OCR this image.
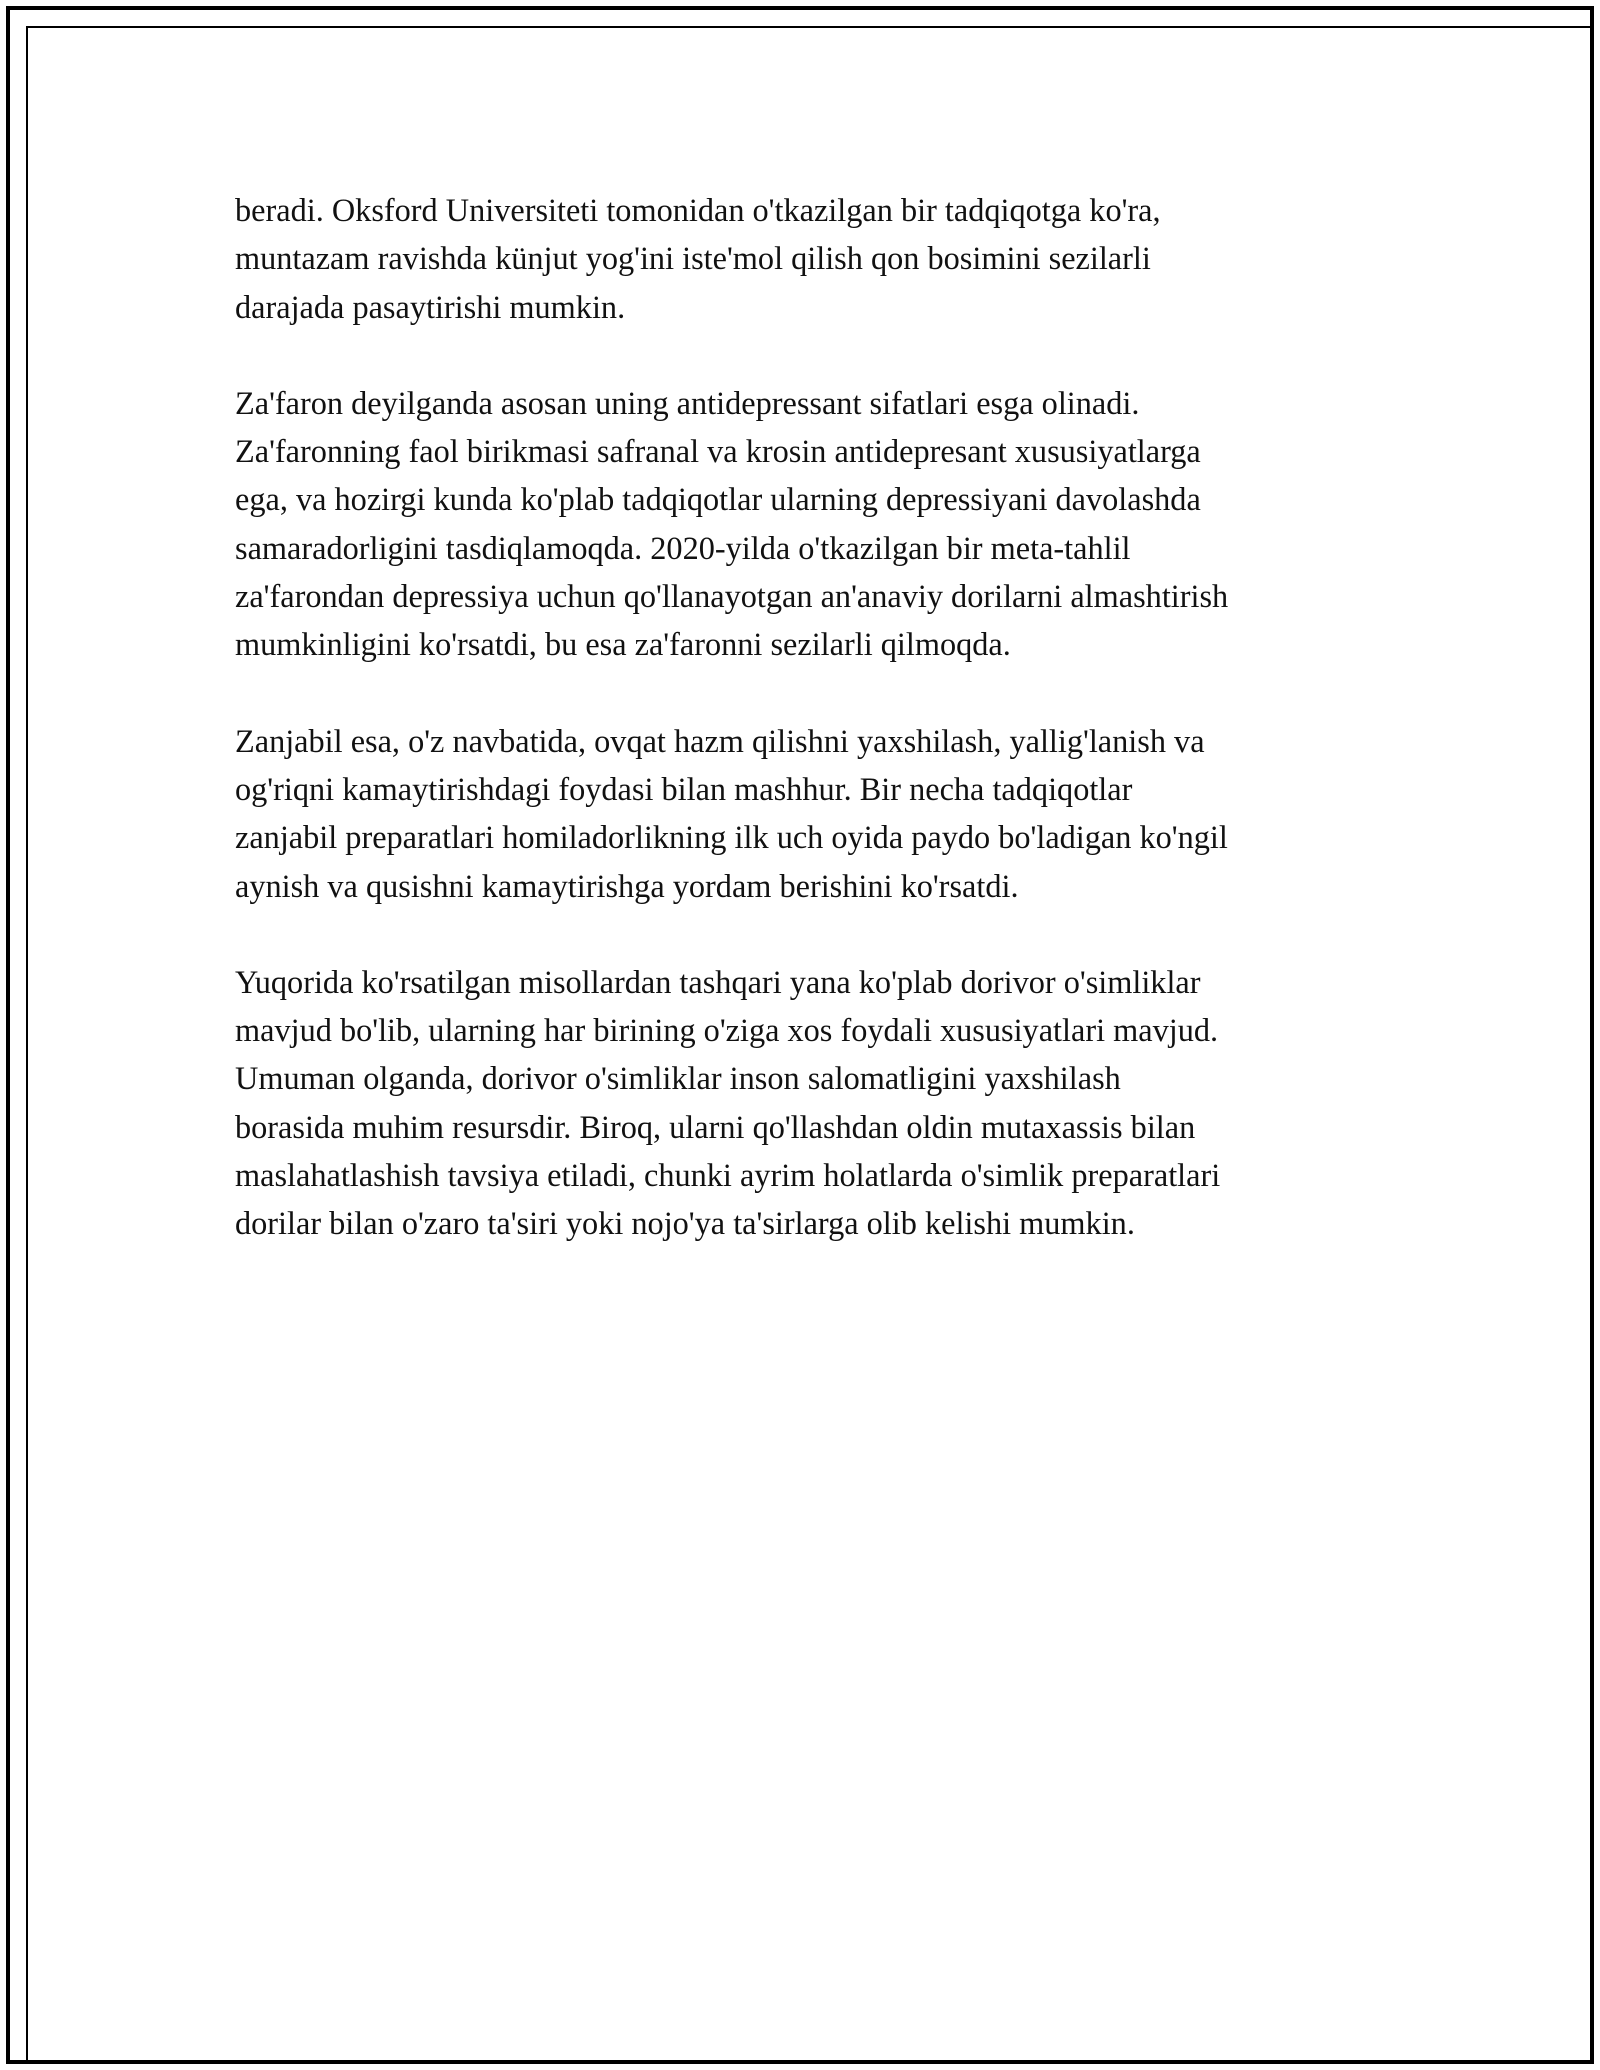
beradi. Oksford Universiteti tomonidan o'tkazilgan bir tadqiqotga ko'ra,
muntazam ravishda künjut yog'ini iste'mol qilish qon bosimini sezilarli
darajada pasaytirishi mumkin.

Za'faron deyilganda asosan uning antidepressant sifatlari esga olinadi.
Za'faronning faol birikmasi safranal va krosin antidepresant xususiyatlarga
ega, va hozirgi kunda ko'plab tadqiqotlar ularning depressiyani davolashda
samaradorligini tasdiqlamoqda. 2020-yilda o'tkazilgan bir meta-tahlil
za'farondan depressiya uchun qo'llanayotgan an'anaviy dorilarni almashtirish
mumkinligini ko'rsatdi, bu esa za'faronni sezilarli qilmoqda.

Zanjabil esa, o'z navbatida, ovqat hazm qilishni yaxshilash, yallig'lanish va
og'riqni kamaytirishdagi foydasi bilan mashhur. Bir necha tadqiqotlar
zanjabil preparatlari homiladorlikning ilk uch oyida paydo bo'ladigan ko'ngil
aynish va qusishni kamaytirishga yordam berishini ko'rsatdi.

Yuqorida ko'rsatilgan misollardan tashqari yana ko'plab dorivor o'simliklar
mavjud bo'lib, ularning har birining o'ziga xos foydali xususiyatlari mavjud.
Umuman olganda, dorivor o'simliklar inson salomatligini yaxshilash
borasida muhim resursdir. Biroq, ularni qo'llashdan oldin mutaxassis bilan
maslahatlashish tavsiya etiladi, chunki ayrim holatlarda o'simlik preparatlari
dorilar bilan o'zaro ta'siri yoki nojo'ya ta'sirlarga olib kelishi mumkin.
